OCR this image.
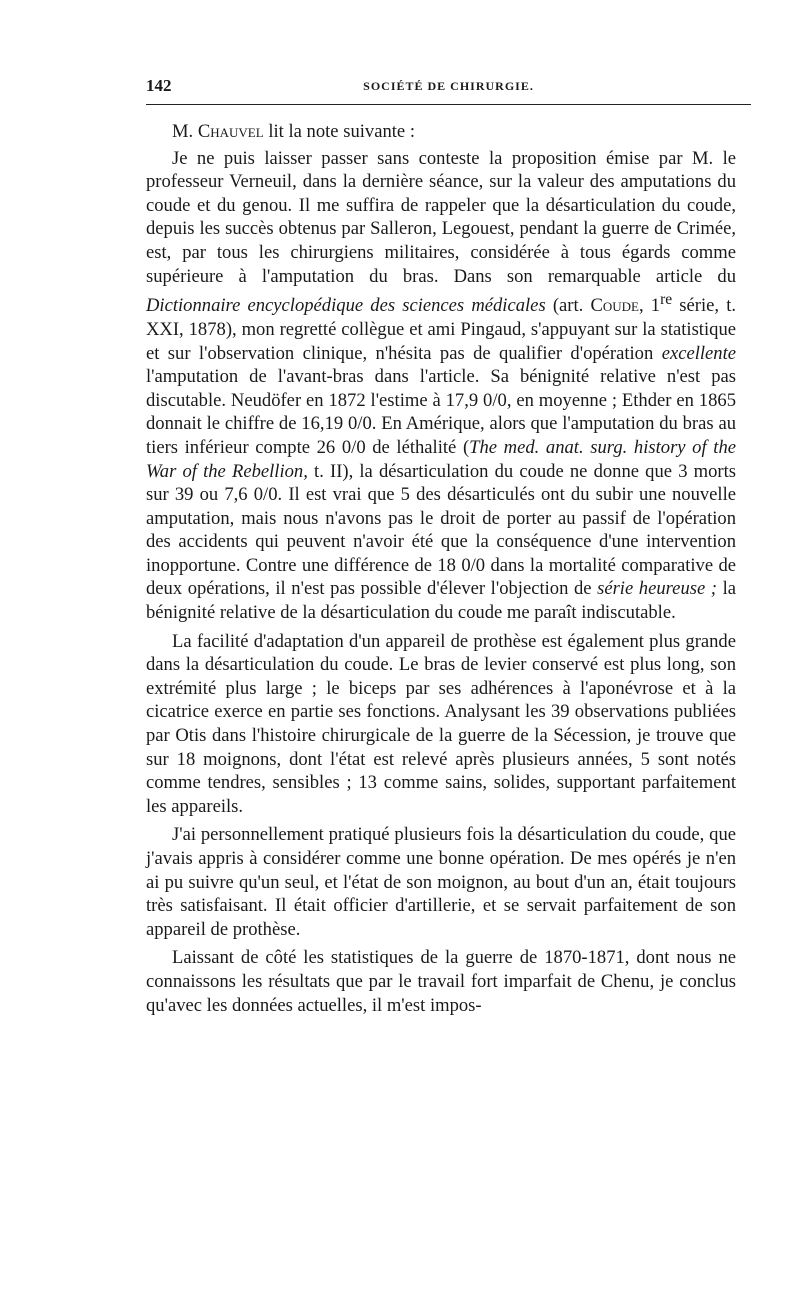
142	SOCIÉTÉ DE CHIRURGIE.

M. Chauvel lit la note suivante :

Je ne puis laisser passer sans conteste la proposition émise par M. le professeur Verneuil, dans la dernière séance, sur la valeur des amputations du coude et du genou. Il me suffira de rappeler que la désarticulation du coude, depuis les succès obtenus par Salleron, Legouest, pendant la guerre de Crimée, est, par tous les chirurgiens militaires, considérée à tous égards comme supérieure à l'amputation du bras. Dans son remarquable article du Dictionnaire encyclopédique des sciences médicales (art. Coude, 1re série, t. XXI, 1878), mon regretté collègue et ami Pingaud, s'appuyant sur la statistique et sur l'observation clinique, n'hésita pas de qualifier d'opération excellente l'amputation de l'avant-bras dans l'article. Sa bénignité relative n'est pas discutable. Neudöfer en 1872 l'estime à 17,9 0/0, en moyenne ; Ethder en 1865 donnait le chiffre de 16,19 0/0. En Amérique, alors que l'amputation du bras au tiers inférieur compte 26 0/0 de léthalité (The med. anat. surg. history of the War of the Rebellion, t. II), la désarticulation du coude ne donne que 3 morts sur 39 ou 7,6 0/0. Il est vrai que 5 des désarticulés ont du subir une nouvelle amputation, mais nous n'avons pas le droit de porter au passif de l'opération des accidents qui peuvent n'avoir été que la conséquence d'une intervention inopportune. Contre une différence de 18 0/0 dans la mortalité comparative de deux opérations, il n'est pas possible d'élever l'objection de série heureuse ; la bénignité relative de la désarticulation du coude me paraît indiscutable.

La facilité d'adaptation d'un appareil de prothèse est également plus grande dans la désarticulation du coude. Le bras de levier conservé est plus long, son extrémité plus large ; le biceps par ses adhérences à l'aponévrose et à la cicatrice exerce en partie ses fonctions. Analysant les 39 observations publiées par Otis dans l'histoire chirurgicale de la guerre de la Sécession, je trouve que sur 18 moignons, dont l'état est relevé après plusieurs années, 5 sont notés comme tendres, sensibles ; 13 comme sains, solides, supportant parfaitement les appareils.

J'ai personnellement pratiqué plusieurs fois la désarticulation du coude, que j'avais appris à considérer comme une bonne opération. De mes opérés je n'en ai pu suivre qu'un seul, et l'état de son moignon, au bout d'un an, était toujours très satisfaisant. Il était officier d'artillerie, et se servait parfaitement de son appareil de prothèse.

Laissant de côté les statistiques de la guerre de 1870-1871, dont nous ne connaissons les résultats que par le travail fort imparfait de Chenu, je conclus qu'avec les données actuelles, il m'est impos-
